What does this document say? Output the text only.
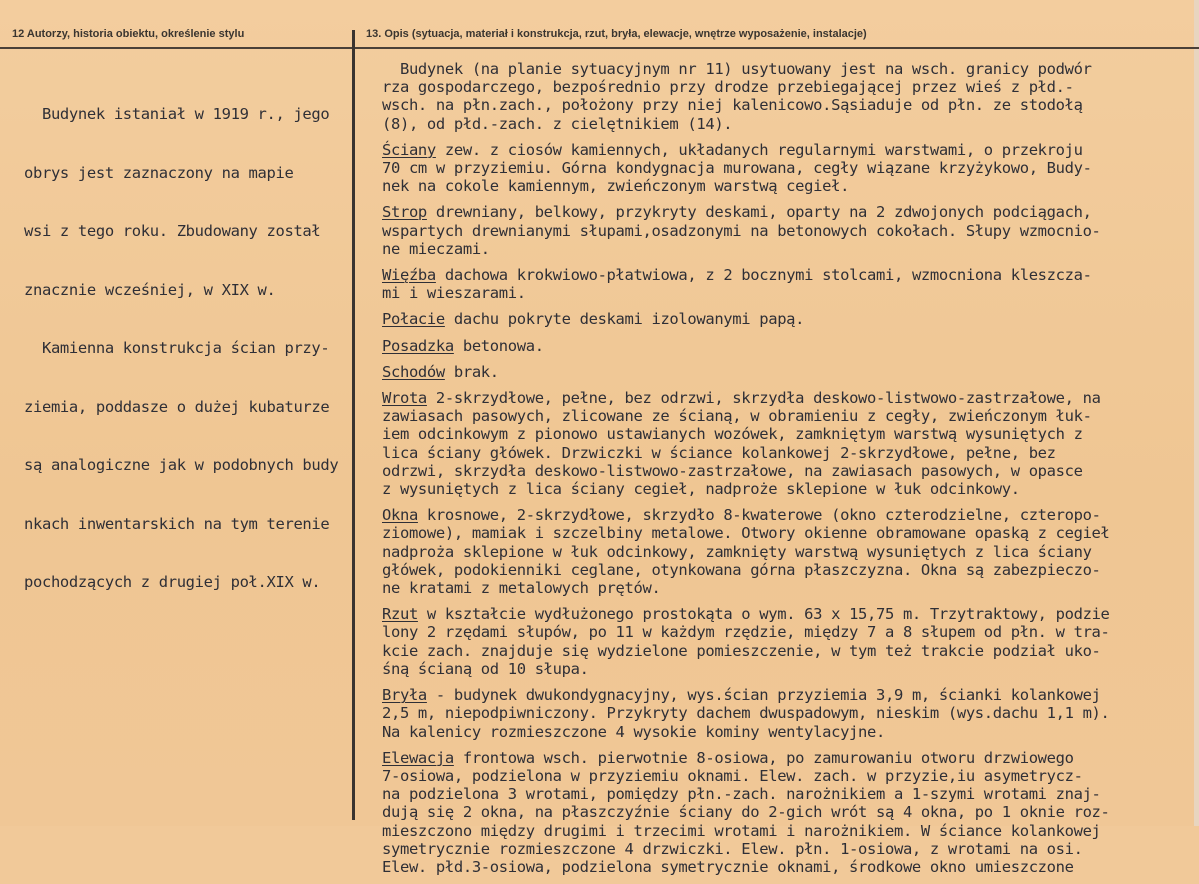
12 Autorzy, historia obiektu, określenie stylu	13. Opis (sytuacja, materiał i konstrukcja, rzut, bryła, elewacje, wnętrze wyposażenie, instalacje)

Budynek istaniał w 1919 r., jego

obrys jest zaznaczony na mapie

wsi z tego roku. Zbudowany został

znacznie wcześniej, w XIX w.

Kamienna konstrukcja ścian przy-

ziemia, poddasze o dużej kubaturze

są analogiczne jak w podobnych budy

nkach inwentarskich na tym terenie

pochodzących z drugiej poł.XIX w.

Budynek (na planie sytuacyjnym nr 11) usytuowany jest na wsch. granicy podwór
rza gospodarczego, bezpośrednio przy drodze przebiegającej przez wieś z płd.-
wsch. na płn.zach., położony przy niej kalenicowo.Sąsiaduje od płn. ze stodołą
(8), od płd.-zach. z cielętnikiem (14).
Ściany zew. z ciosów kamiennych, układanych regularnymi warstwami, o przekroju
70 cm w przyziemiu. Górna kondygnacja murowana, cegły wiązane krzyżykowo, Budy-
nek na cokole kamiennym, zwieńczonym warstwą cegieł.
Strop drewniany, belkowy, przykryty deskami, oparty na 2 zdwojonych podciągach,
wspartych drewnianymi słupami,osadzonymi na betonowych cokołach. Słupy wzmocnio-
ne mieczami.
Więźba dachowa krokwiowo-płatwiowa, z 2 bocznymi stolcami, wzmocniona kleszcza-
mi i wieszarami.
Połacie dachu pokryte deskami izolowanymi papą.
Posadzka betonowa.
Schodów brak.
Wrota 2-skrzydłowe, pełne, bez odrzwi, skrzydła deskowo-listwowo-zastrzałowe, na
zawiasach pasowych, zlicowane ze ścianą, w obramieniu z cegły, zwieńczonym łuk-
iem odcinkowym z pionowo ustawianych wozówek, zamkniętym warstwą wysuniętych z
lica ściany główek. Drzwiczki w ściance kolankowej 2-skrzydłowe, pełne, bez
odrzwi, skrzydła deskowo-listwowo-zastrzałowe, na zawiasach pasowych, w opasce
z wysuniętych z lica ściany cegieł, nadproże sklepione w łuk odcinkowy.
Okna krosnowe, 2-skrzydłowe, skrzydło 8-kwaterowe (okno czterodzielne, czteropo-
ziomowe), mamiak i szczelbiny metalowe. Otwory okienne obramowane opaską z cegieł
nadproża sklepione w łuk odcinkowy, zamknięty warstwą wysuniętych z lica ściany
główek, podokienniki ceglane, otynkowana górna płaszczyzna. Okna są zabezpieczo-
ne kratami z metalowych prętów.
Rzut w kształcie wydłużonego prostokąta o wym. 63 x 15,75 m. Trzytraktowy, podzie
lony 2 rzędami słupów, po 11 w każdym rzędzie, między 7 a 8 słupem od płn. w tra-
kcie zach. znajduje się wydzielone pomieszczenie, w tym też trakcie podział uko-
śną ścianą od 10 słupa.
Bryła - budynek dwukondygnacyjny, wys.ścian przyziemia 3,9 m, ścianki kolankowej
2,5 m, niepodpiwniczony. Przykryty dachem dwuspadowym, nieskim (wys.dachu 1,1 m).
Na kalenicy rozmieszczone 4 wysokie kominy wentylacyjne.
Elewacja frontowa wsch. pierwotnie 8-osiowa, po zamurowaniu otworu drzwiowego
7-osiowa, podzielona w przyziemiu oknami. Elew. zach. w przyzie,iu asymetrycz-
na podzielona 3 wrotami, pomiędzy płn.-zach. narożnikiem a 1-szymi wrotami znaj-
dują się 2 okna, na płaszczyźnie ściany do 2-gich wrót są 4 okna, po 1 oknie roz-
mieszczono między drugimi i trzecimi wrotami i narożnikiem. W ściance kolankowej
symetrycznie rozmieszczone 4 drzwiczki. Elew. płn. 1-osiowa, z wrotami na osi.
Elew. płd.3-osiowa, podzielona symetrycznie oknami, środkowe okno umieszczone
